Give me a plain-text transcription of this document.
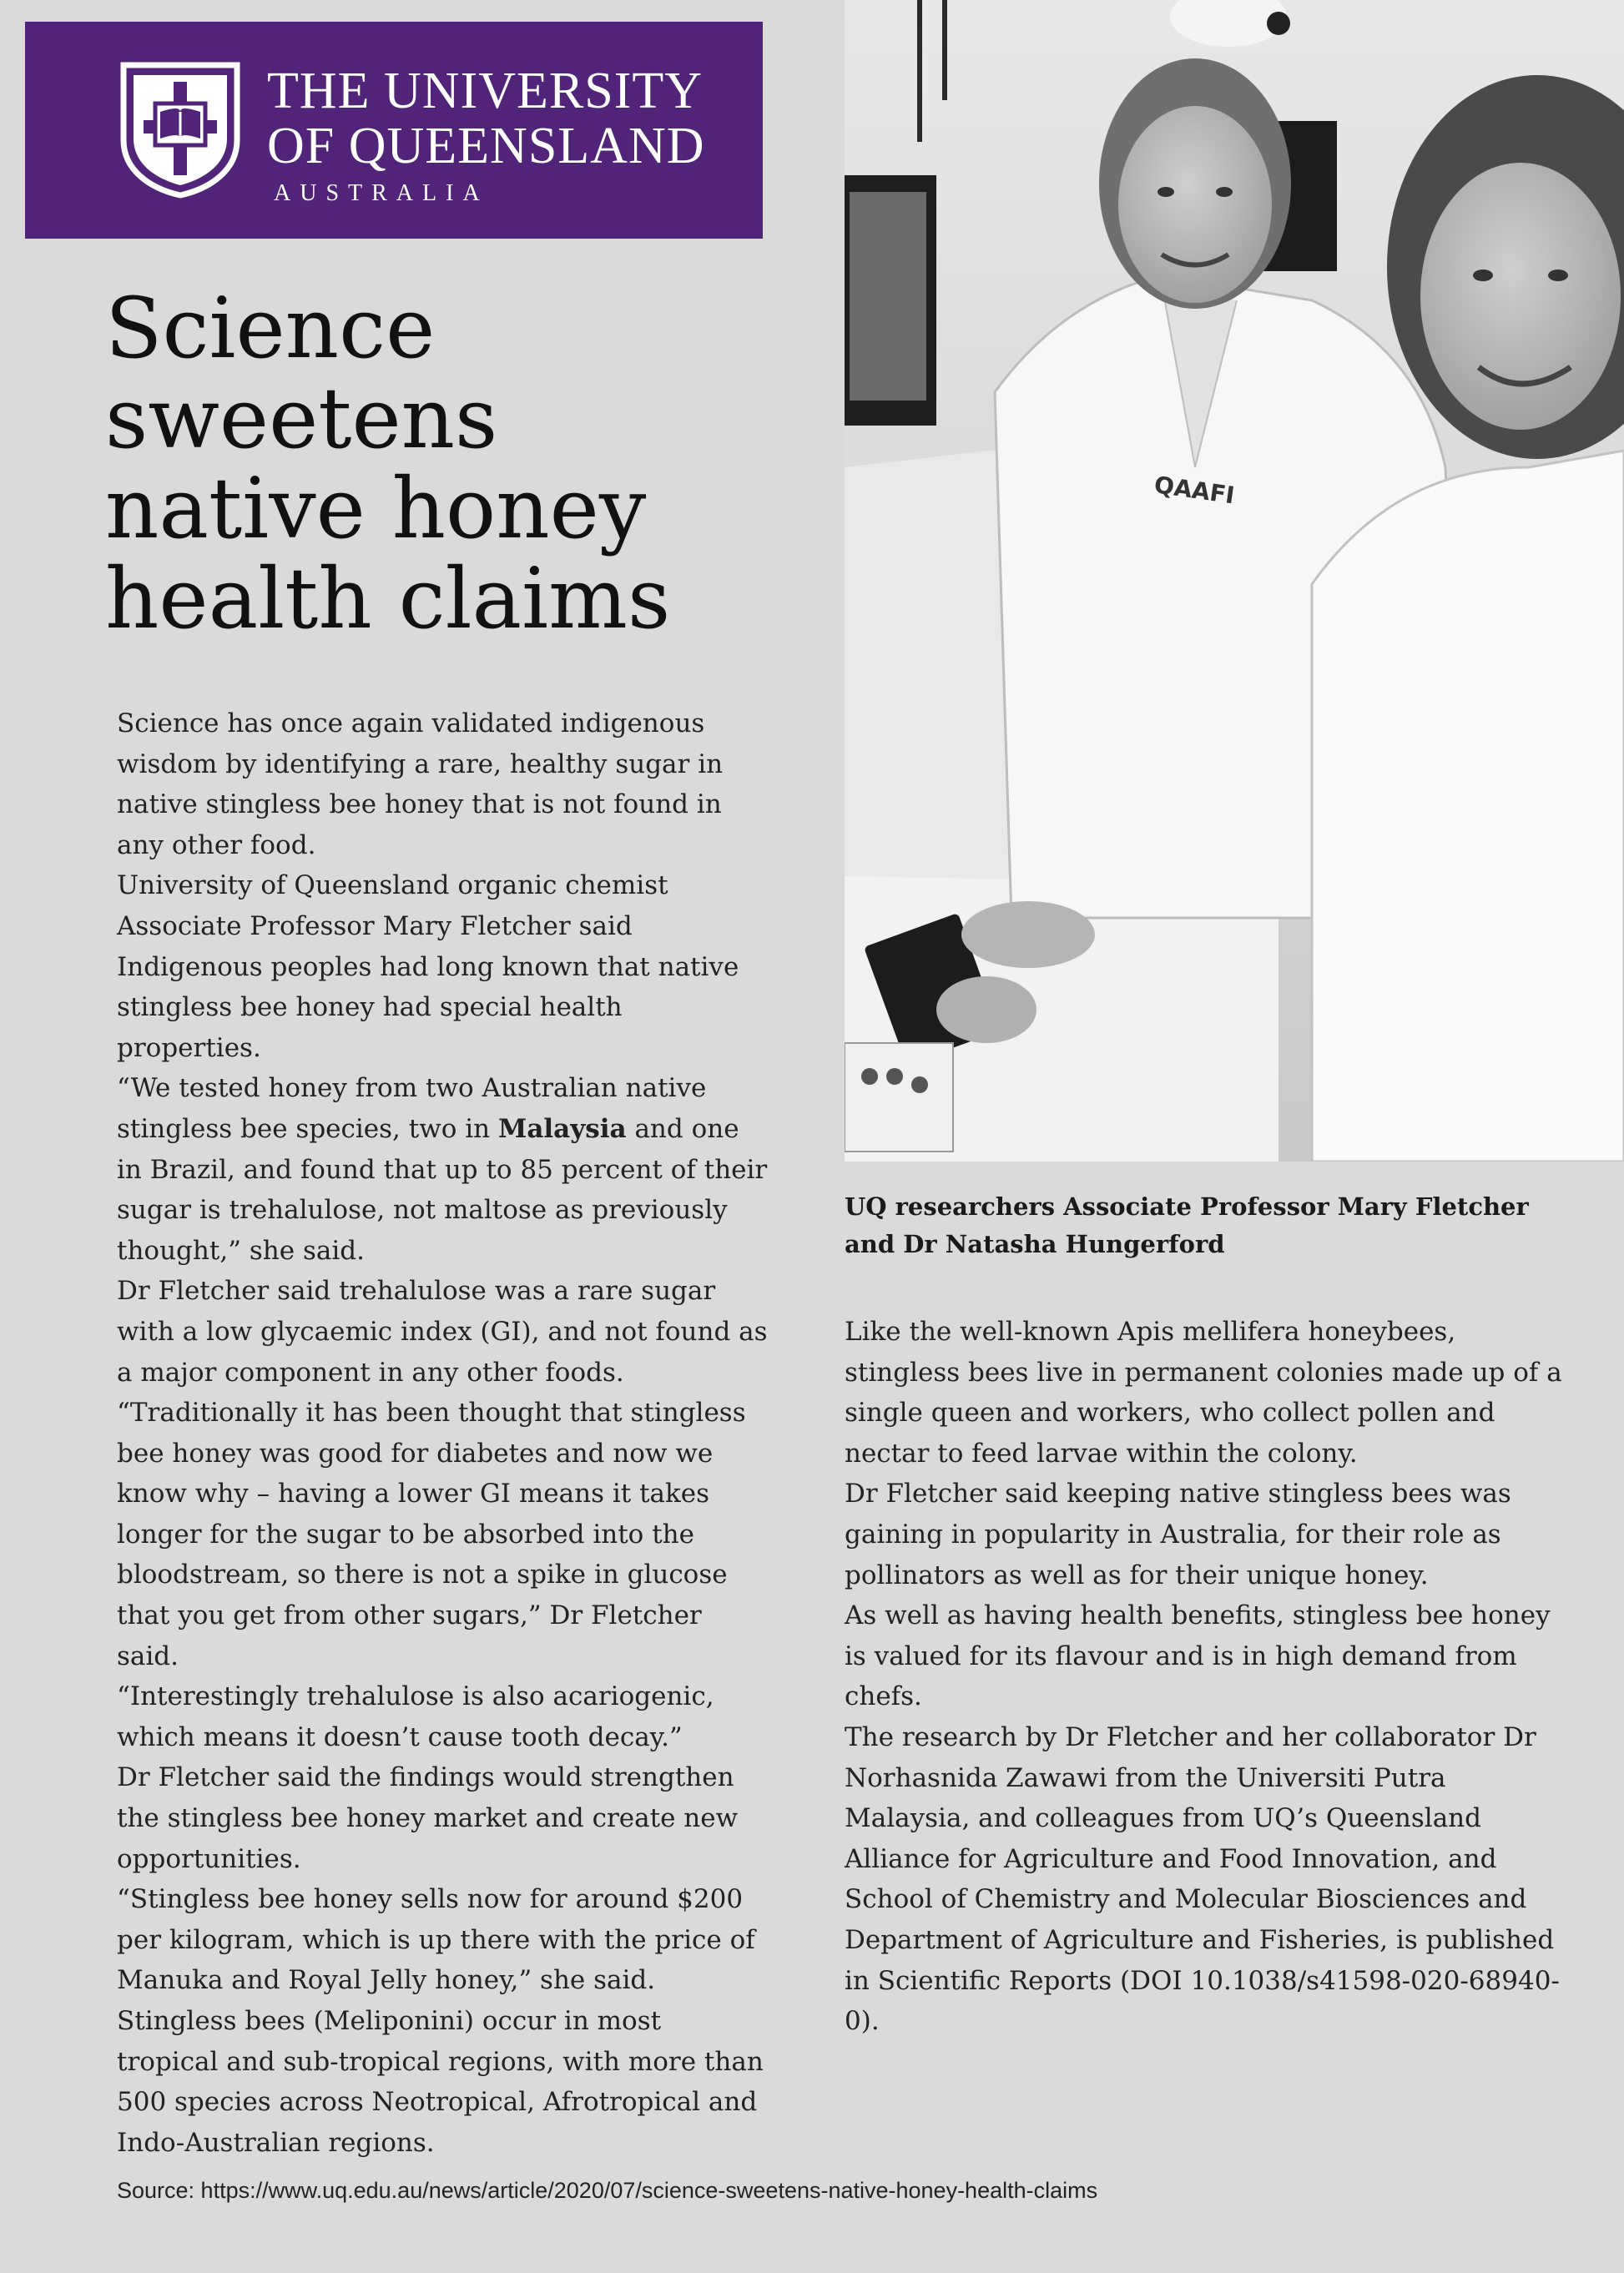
THE UNIVERSITY
OF QUEENSLAND
AUSTRALIA
Science sweetens native honey health claims

Science has once again validated indigenous wisdom by identifying a rare, healthy sugar in native stingless bee honey that is not found in any other food.

University of Queensland organic chemist Associate Professor Mary Fletcher said Indigenous peoples had long known that native stingless bee honey had special health properties.

“We tested honey from two Australian native stingless bee species, two in Malaysia and one in Brazil, and found that up to 85 percent of their sugar is trehalulose, not maltose as previously thought,” she said.

Dr Fletcher said trehalulose was a rare sugar with a low glycaemic index (GI), and not found as a major component in any other foods.

“Traditionally it has been thought that stingless bee honey was good for diabetes and now we know why – having a lower GI means it takes longer for the sugar to be absorbed into the bloodstream, so there is not a spike in glucose that you get from other sugars,” Dr Fletcher said.

“Interestingly trehalulose is also acariogenic, which means it doesn’t cause tooth decay.”

Dr Fletcher said the findings would strengthen the stingless bee honey market and create new opportunities.

“Stingless bee honey sells now for around $200 per kilogram, which is up there with the price of Manuka and Royal Jelly honey,” she said.

Stingless bees (Meliponini) occur in most tropical and sub-tropical regions, with more than 500 species across Neotropical, Afrotropical and Indo-Australian regions.

QAAFI

UQ researchers Associate Professor Mary Fletcher and Dr Natasha Hungerford

Like the well-known Apis mellifera honeybees, stingless bees live in permanent colonies made up of a single queen and workers, who collect pollen and nectar to feed larvae within the colony.

Dr Fletcher said keeping native stingless bees was gaining in popularity in Australia, for their role as pollinators as well as for their unique honey.

As well as having health benefits, stingless bee honey is valued for its flavour and is in high demand from chefs.

The research by Dr Fletcher and her collaborator Dr Norhasnida Zawawi from the Universiti Putra Malaysia, and colleagues from UQ’s Queensland Alliance for Agriculture and Food Innovation, and School of Chemistry and Molecular Biosciences and Department of Agriculture and Fisheries, is published in Scientific Reports (DOI 10.1038/s41598-020-68940-0).

Source: https://www.uq.edu.au/news/article/2020/07/science-sweetens-native-honey-health-claims
